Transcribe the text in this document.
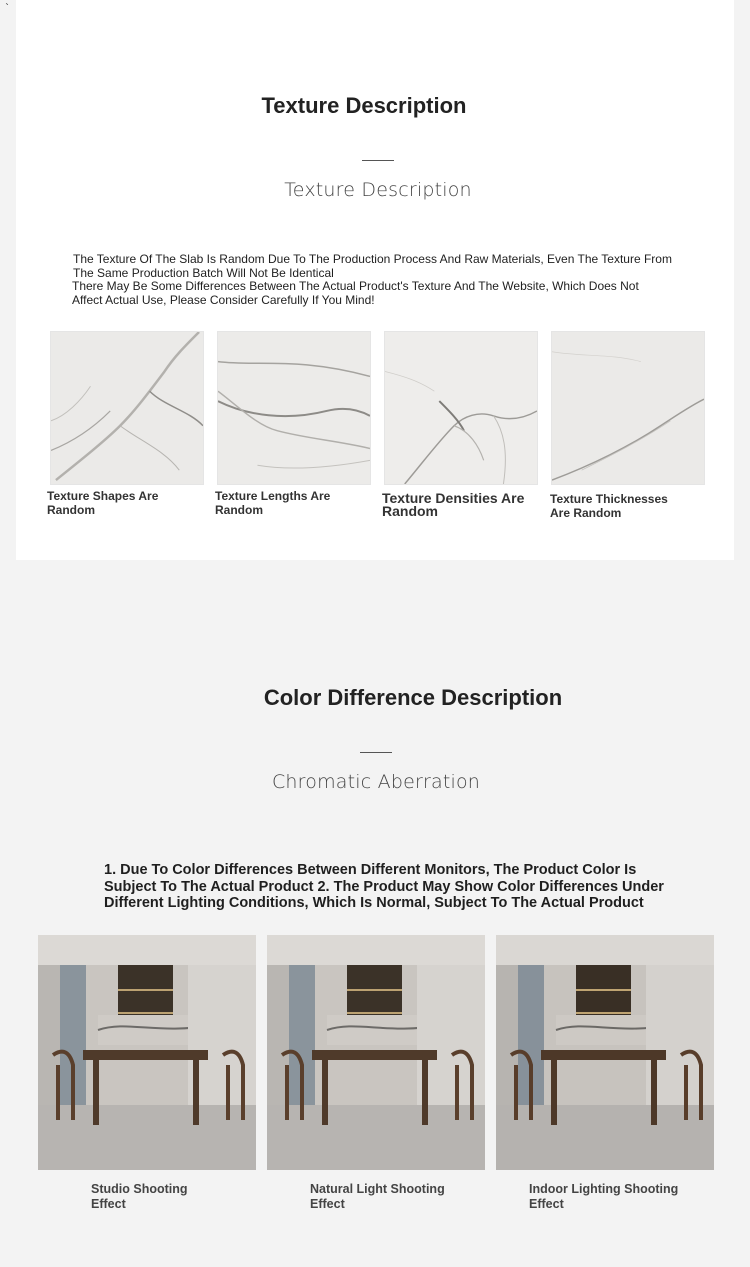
`
Texture Description
Texture Description

The Texture Of The Slab Is Random Due To The Production Process And Raw Materials, Even The Texture From The Same Production Batch Will Not Be Identical

There May Be Some Differences Between The Actual Product's Texture And The Website, Which Does Not Affect Actual Use, Please Consider Carefully If You Mind!

Texture Shapes Are Random
Texture Lengths Are Random
Texture Densities Are Random
Texture Thicknesses Are Random
Color Difference Description
Chromatic Aberration
1. Due To Color Differences Between Different Monitors, The Product Color Is Subject To The Actual Product 2. The Product May Show Color Differences Under Different Lighting Conditions, Which Is Normal, Subject To The Actual Product
Studio Shooting Effect
Natural Light Shooting Effect
Indoor Lighting Shooting Effect
